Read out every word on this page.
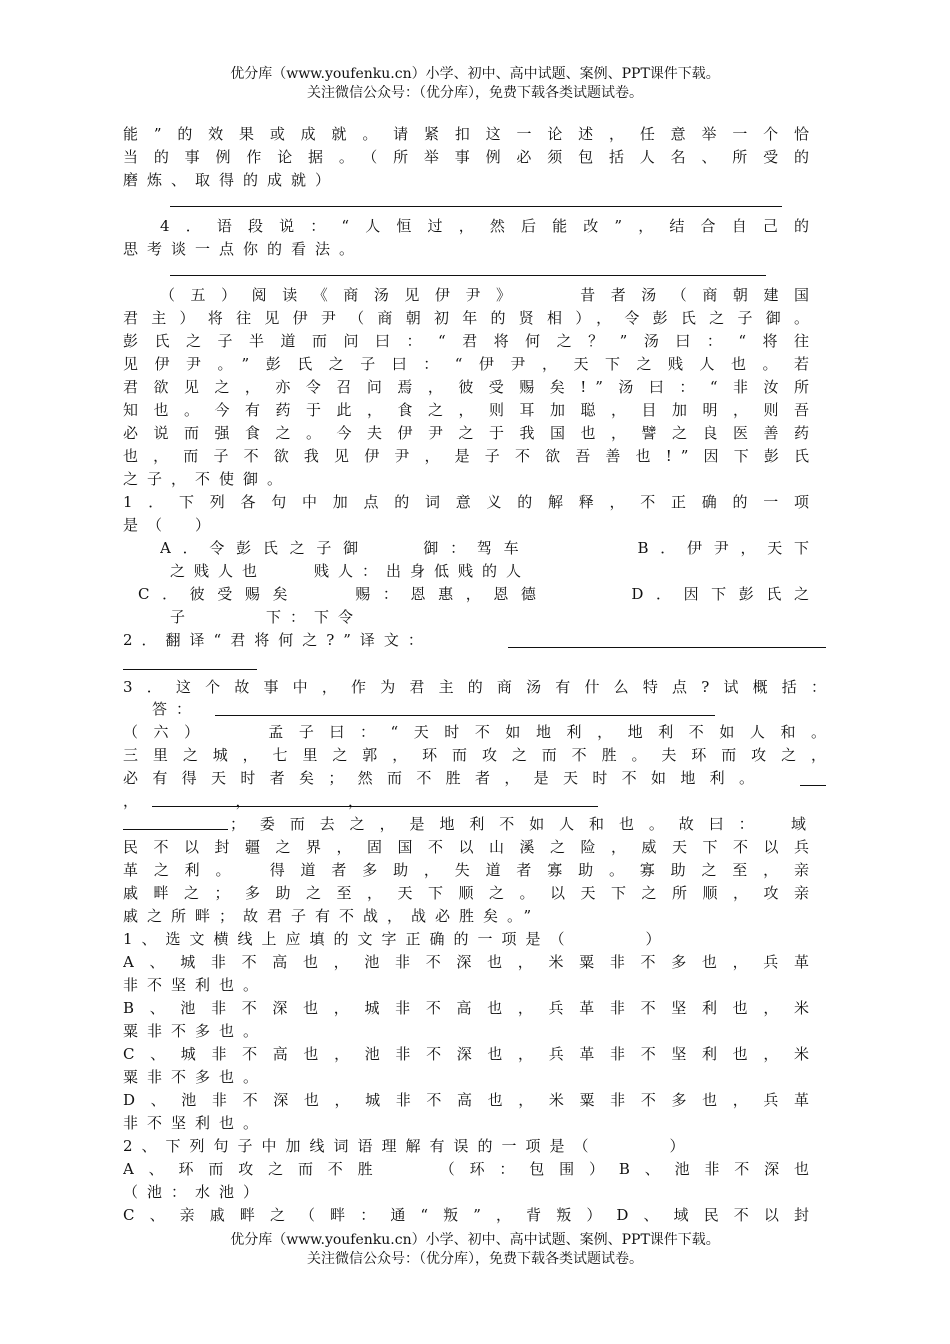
优分库（www.youfenku.cn）小学、初中、高中试题、案例、PPT课件下载。
关注微信公众号：（优分库），免费下载各类试题试卷。
能”的效果或成就。请紧扣这一论述，任意举一个恰
当的事例作论据。（所举事例必须包括人名、所受的
磨炼、取得的成就）
4．语段说：“人恒过，然后能改”，结合自己的
思考谈一点你的看法。
（五）阅读《商汤见伊尹》　　昔者汤（商朝建国
君主）将往见伊尹（商朝初年的贤相），令彭氏之子御。
彭氏之子半道而问曰：“君将何之？”汤曰：“将往
见伊尹。”彭氏之子曰：“伊尹，天下之贱人也。若
君欲见之，亦令召问焉，彼受赐矣!”汤曰：“非汝所
知也。今有药于此，食之，则耳加聪，目加明，则吾
必说而强食之。今夫伊尹之于我国也，譬之良医善药
也，而子不欲我见伊尹，是子不欲吾善也!”因下彭氏
之子，不使御。
1．下列各句中加点的词意义的解释，不正确的一项
是（　）
A．令彭氏之子御　　御：驾车　　　　B．伊尹，天下
之贱人也　　贱人：出身低贱的人
C．彼受赐矣　　赐：恩惠，恩德　　　D．因下彭氏之
子　　　下：下令
2．翻译“君将何之?”译文：
3．这个故事中，作为君主的商汤有什么特点?试概括：
答：
（六）　　孟子曰：“天时不如地利，地利不如人和。
三里之城，七里之郭，环而攻之而不胜。夫环而攻之，
必有得天时者矣；然而不胜者，是天时不如地利。
，　　　　　　　，　　　　　　　，
；委而去之，是地利不如人和也。故曰：　域
民不以封疆之界，固国不以山溪之险，威天下不以兵
革之利。　得道者多助，失道者寡助。寡助之至，亲
戚畔之；多助之至，天下顺之。以天下之所顺，攻亲
戚之所畔；故君子有不战，战必胜矣。”
1、选文横线上应填的文字正确的一项是（　　　）
A、城非不高也，池非不深也，米粟非不多也，兵革
非不坚利也。
B、池非不深也，城非不高也，兵革非不坚利也，米
粟非不多也。
C、城非不高也，池非不深也，兵革非不坚利也，米
粟非不多也。
D、池非不深也，城非不高也，米粟非不多也，兵革
非不坚利也。
2、下列句子中加线词语理解有误的一项是（　　　）
A、环而攻之而不胜　　（环：包围）B、池非不深也
（池：水池）
C、亲戚畔之（畔：通“叛”，背叛）D、域民不以封
优分库（www.youfenku.cn）小学、初中、高中试题、案例、PPT课件下载。
关注微信公众号：（优分库），免费下载各类试题试卷。
